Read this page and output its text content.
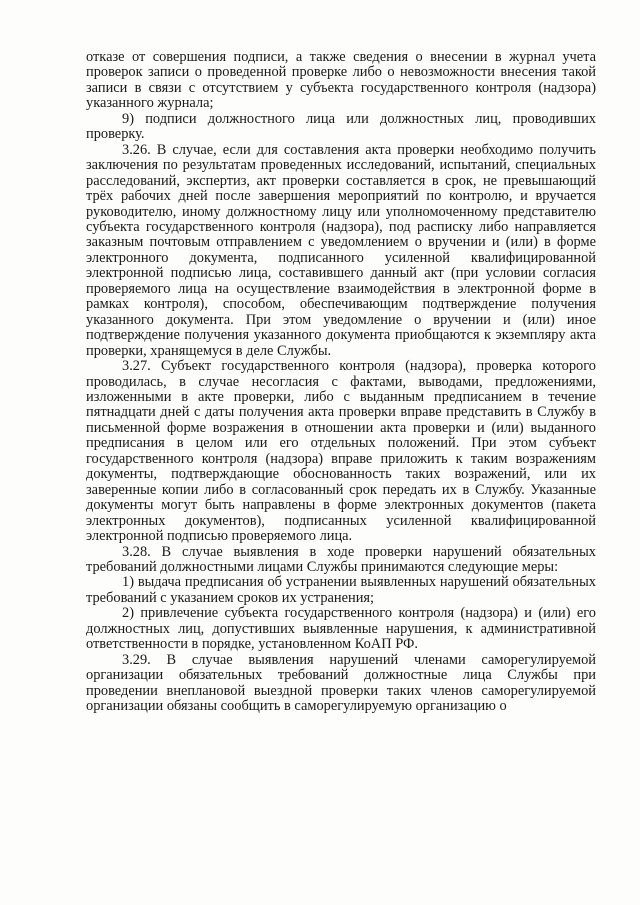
отказе от совершения подписи, а также сведения о внесении в журнал учета проверок записи о проведенной проверке либо о невозможности внесения такой записи в связи с отсутствием у субъекта государственного контроля (надзора) указанного журнала;

9) подписи должностного лица или должностных лиц, проводивших проверку.

3.26. В случае, если для составления акта проверки необходимо получить заключения по результатам проведенных исследований, испытаний, специальных расследований, экспертиз, акт проверки составляется в срок, не превышающий трёх рабочих дней после завершения мероприятий по контролю, и вручается руководителю, иному должностному лицу или уполномоченному представителю субъекта государственного контроля (надзора), под расписку либо направляется заказным почтовым отправлением с уведомлением о вручении и (или) в форме электронного документа, подписанного усиленной квалифицированной электронной подписью лица, составившего данный акт (при условии согласия проверяемого лица на осуществление взаимодействия в электронной форме в рамках контроля), способом, обеспечивающим подтверждение получения указанного документа. При этом уведомление о вручении и (или) иное подтверждение получения указанного документа приобщаются к экземпляру акта проверки, хранящемуся в деле Службы.

3.27. Субъект государственного контроля (надзора), проверка которого проводилась, в случае несогласия с фактами, выводами, предложениями, изложенными в акте проверки, либо с выданным предписанием в течение пятнадцати дней с даты получения акта проверки вправе представить в Службу в письменной форме возражения в отношении акта проверки и (или) выданного предписания в целом или его отдельных положений. При этом субъект государственного контроля (надзора) вправе приложить к таким возражениям документы, подтверждающие обоснованность таких возражений, или их заверенные копии либо в согласованный срок передать их в Службу. Указанные документы могут быть направлены в форме электронных документов (пакета электронных документов), подписанных усиленной квалифицированной электронной подписью проверяемого лица.

3.28. В случае выявления в ходе проверки нарушений обязательных требований должностными лицами Службы принимаются следующие меры:

1) выдача предписания об устранении выявленных нарушений обязательных требований с указанием сроков их устранения;

2) привлечение субъекта государственного контроля (надзора) и (или) его должностных лиц, допустивших выявленные нарушения, к административной ответственности в порядке, установленном КоАП РФ.

3.29. В случае выявления нарушений членами саморегулируемой организации обязательных требований должностные лица Службы при проведении внеплановой выездной проверки таких членов саморегулируемой организации обязаны сообщить в саморегулируемую организацию о
